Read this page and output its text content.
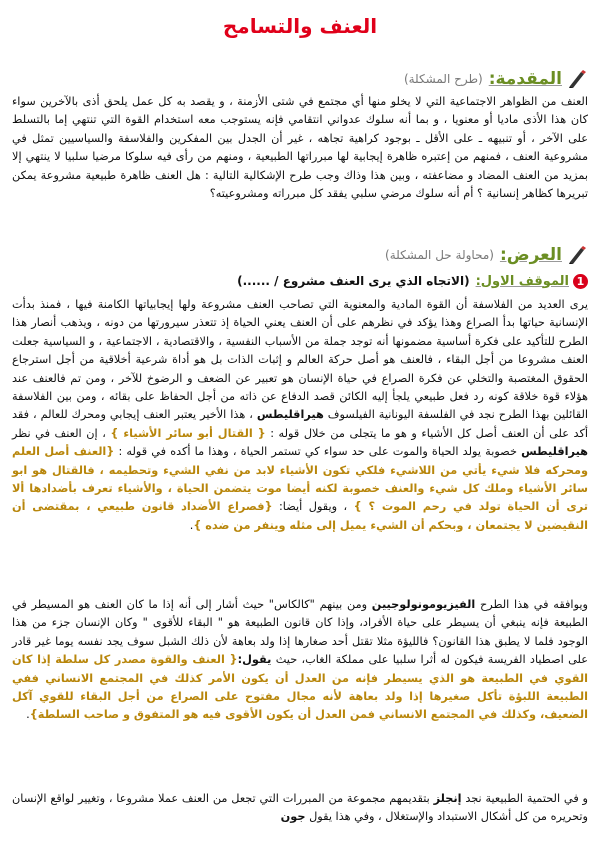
العنف والتسامح
المقدمة:
(طرح المشكلة)
العنف من الظواهر الاجتماعية التي لا يخلو منها أي مجتمع في شتى الأزمنة ، و يقصد به كل عمل يلحق أذى بالآخرين سواء كان هذا الأذى ماديا أو معنويا ، و بما أنه سلوك عدواني انتقامي فإنه يستوجب معه استخدام القوة التي تنتهي إما بالتسلط على الآخر ، أو تنبيهه ـ على الأقل ـ بوجود كراهية تجاهه ، غير أن الجدل بين المفكرين والفلاسفة والسياسيين تمثل في مشروعية العنف ، فمنهم من إعتبره ظاهرة إيجابية لها مبرراتها الطبيعية ، ومنهم من رأى فيه سلوكا مرضيا سلبيا لا ينتهي إلا بمزيد من العنف المضاد و مضاعفته ، وبين هذا وذاك وجب طرح الإشكالية التالية : هل العنف ظاهرة طبيعية مشروعة يمكن تبريرها كظاهر إنسانية ؟ أم أنه سلوك مرضي سلبي يفقد كل مبرراته ومشروعيته؟
العرض:
(محاولة حل المشكلة)
1
الموقف الاول:
(الاتجاه الذي يرى العنف مشروع / ......)
يرى العديد من الفلاسفة أن القوة المادية والمعنوية التي تصاحب العنف مشروعة ولها إيجابياتها الكامنة فيها ، فمنذ بدأت الإنسانية حياتها بدأ الصراع وهذا يؤكد في نظرهم على أن العنف يعني الحياة إذ تتعذر سيرورتها من دونه ، ويذهب أنصار هذا الطرح للتأكيد على فكرة أساسية مضمونها أنه توجد جملة من الأسباب النفسية ، والاقتصادية ، الاجتماعية ، و السياسية جعلت العنف مشروعا من أجل البقاء ، فالعنف هو أصل حركة العالم و إثبات الذات بل هو أداة شرعية أخلاقية من أجل استرجاع الحقوق المغتصبة والتخلي عن فكرة الصراع في حياة الإنسان هو تعبير عن الضعف و الرضوخ للآخر ، ومن تم فالعنف عند هؤلاء قوة خلاقة كونه رد فعل طبيعي يلجأ إليه الكائن قصد الدفاع عن ذاته من أجل الحفاظ على بقائه ، ومن بين الفلاسفة القائلين بهذا الطرح نجد في الفلسفة اليونانية الفيلسوف هيراقليطس ، هذا الأخير يعتبر العنف إيجابي ومحرك للعالم ، فقد أكد على أن العنف أصل كل الأشياء و هو ما يتجلى من خلال قوله : { القتال أبو سائر الأشياء } ، إن العنف في نظر هيراقليطس خصوبة يولد الحياة والموت على حد سواء كي تستمر الحياة ، وهذا ما أكده في قوله : {العنف أصل العلم ومحركه فلا شيء يأتي من اللاشيء فلكي تكون الأشياء لابد من نفي الشيء وتحطيمه ، فالقتال هو ابو سائر الأشياء وملك كل شيء والعنف خصوبة لكنه أيضا موت يتضمن الحياة ، والأشياء تعرف بأضدادها ألا ترى أن الحياة تولد في رحم الموت ؟ } ، ويقول أيضا: {فصراع الأضداد قانون طبيعي ، بمقتضى أن النقيضين لا يجتمعان ، وبحكم أن الشيء يميل إلى مثله وينفر من ضده }.
ويوافقه في هذا الطرح الفيزيومونولوجيين ومن بينهم "كالكاس" حيث أشار إلى أنه إذا ما كان العنف هو المسيطر في الطبيعة فإنه ينبغي أن يسيطر على حياة الأفراد، وإذا كان قانون الطبيعة هو " البقاء للأقوى " وكان الإنسان جزء من هذا الوجود فلما لا يطبق هذا القانون؟ فالليؤة مثلا تقتل أحد صغارها إذا ولد بعاهة لأن ذلك الشبل سوف يجد نفسه يوما غير قادر على اصطياد الفريسة فيكون له أثرا سلبيا على مملكة الغاب، حيث يقول:{ العنف والقوة مصدر كل سلطة إذا كان القوي في الطبيعة هو الذي يسيطر فإنه من العدل أن يكون الأمر كذلك في المجتمع الانساني ففي الطبيعة اللبؤة تأكل صغيرها إذا ولد بعاهة لأنه مجال مفتوح على الصراع من أجل البقاء للقوي آكل الضعيف، وكذلك في المجتمع الانساني فمن العدل أن يكون الأقوى فيه هو المتفوق و صاحب السلطة}.
و في الحتمية الطبيعية نجد إنجلز بتقديمهم مجموعة من المبررات التي تجعل من العنف عملا مشروعا ، وتغيير لواقع الإنسان وتحريره من كل أشكال الاستبداد والإستغلال ، وفي هذا يقول جون
